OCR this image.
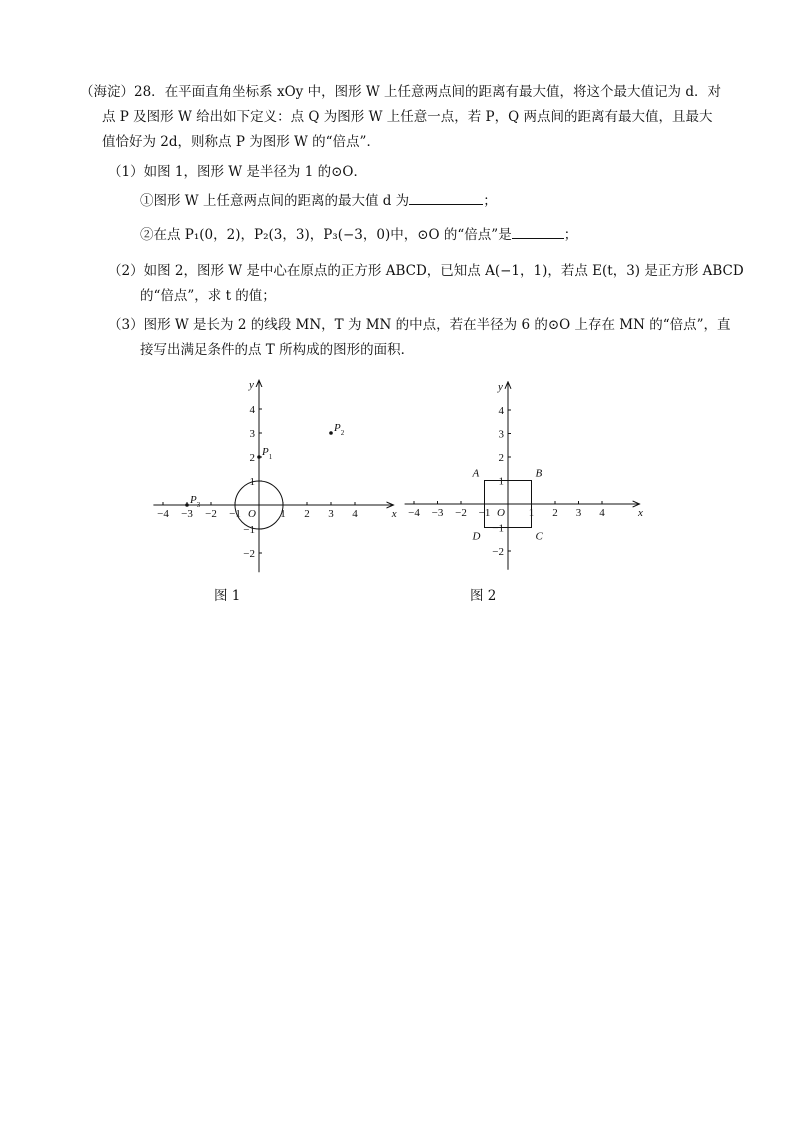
（海淀）28．在平面直角坐标系 xOy 中，图形 W 上任意两点间的距离有最大值，将这个最大值记为 d．对
点 P 及图形 W 给出如下定义：点 Q 为图形 W 上任意一点，若 P，Q 两点间的距离有最大值，且最大
值恰好为 2d，则称点 P 为图形 W 的“倍点”．
（1）如图 1，图形 W 是半径为 1 的⊙O．
①图形 W 上任意两点间的距离的最大值 d 为	；
②在点 P₁(0，2)，P₂(3，3)，P₃(−3，0)中，⊙O 的“倍点”是	；
（2）如图 2，图形 W 是中心在原点的正方形 ABCD，已知点 A(−1，1)，若点 E(t，3) 是正方形 ABCD
的“倍点”，求 t 的值；
（3）图形 W 是长为 2 的线段 MN，T 为 MN 的中点，若在半径为 6 的⊙O 上存在 MN 的“倍点”，直
接写出满足条件的点 T 所构成的图形的面积．
−4 −3 −2 −1	1 2 3 4
4
3
2
1
−1
−2
x
y
O
$P_1$
$P_2$
$P_3$
图 1
−4 −3 −2 −1	1 2 3 4
4
3
2
1
−1
−2
x
y
O
A	B
C
D
图 2
